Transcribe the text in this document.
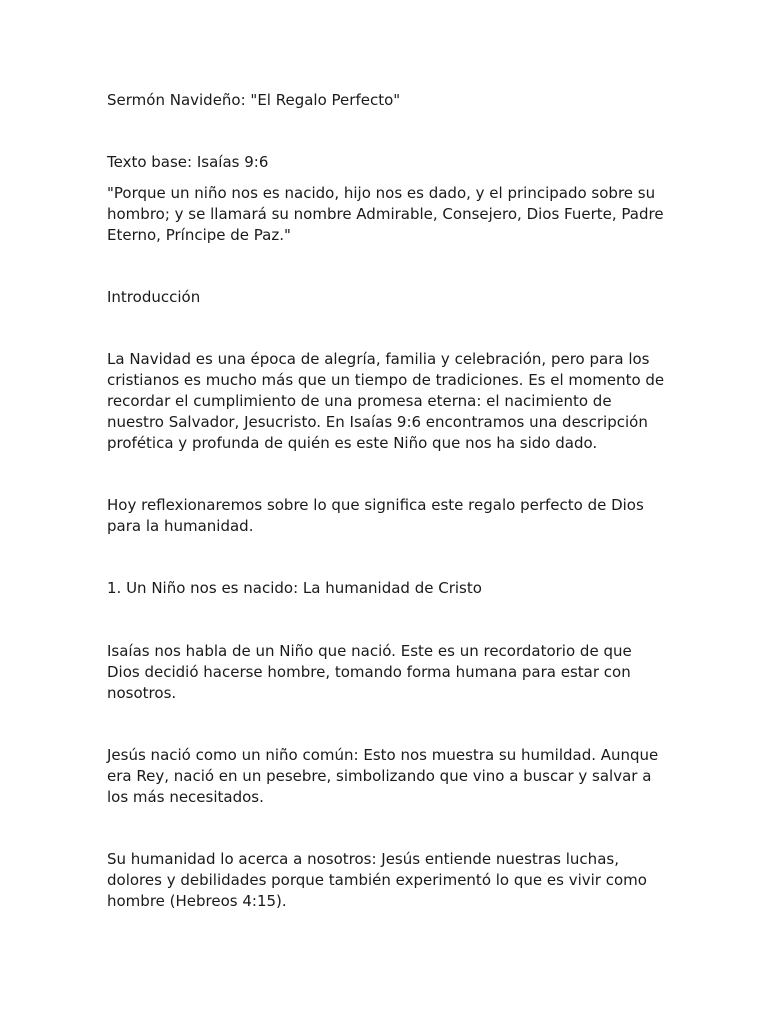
Sermón Navideño: "El Regalo Perfecto"

Texto base: Isaías 9:6

"Porque un niño nos es nacido, hijo nos es dado, y el principado sobre su hombro; y se llamará su nombre Admirable, Consejero, Dios Fuerte, Padre Eterno, Príncipe de Paz."

Introducción

La Navidad es una época de alegría, familia y celebración, pero para los cristianos es mucho más que un tiempo de tradiciones. Es el momento de recordar el cumplimiento de una promesa eterna: el nacimiento de nuestro Salvador, Jesucristo. En Isaías 9:6 encontramos una descripción profética y profunda de quién es este Niño que nos ha sido dado.

Hoy reflexionaremos sobre lo que significa este regalo perfecto de Dios para la humanidad.

1. Un Niño nos es nacido: La humanidad de Cristo

Isaías nos habla de un Niño que nació. Este es un recordatorio de que Dios decidió hacerse hombre, tomando forma humana para estar con nosotros.

Jesús nació como un niño común: Esto nos muestra su humildad. Aunque era Rey, nació en un pesebre, simbolizando que vino a buscar y salvar a los más necesitados.

Su humanidad lo acerca a nosotros: Jesús entiende nuestras luchas, dolores y debilidades porque también experimentó lo que es vivir como hombre (Hebreos 4:15).
